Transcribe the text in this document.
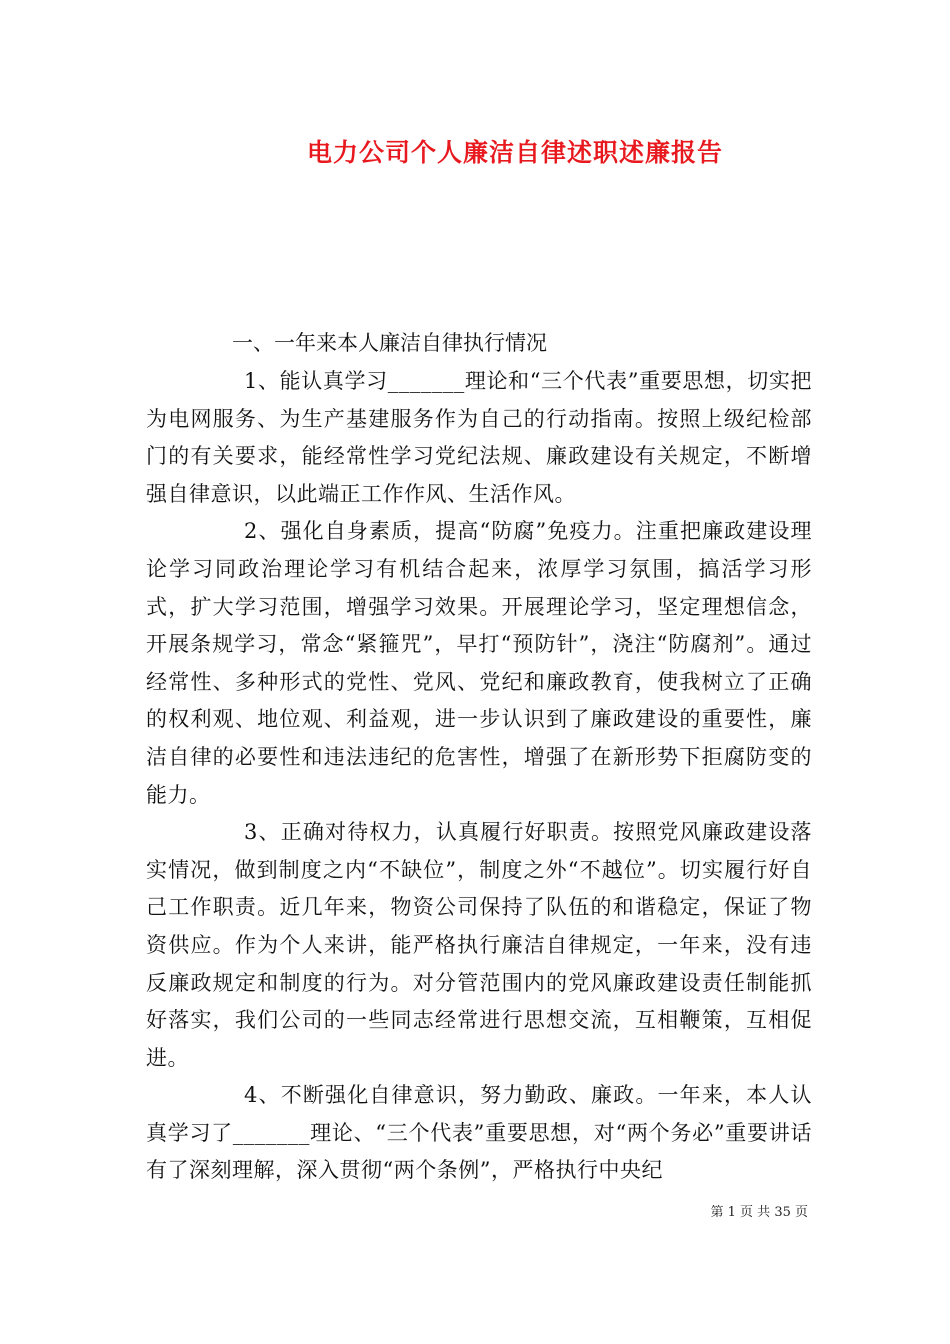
电力公司个人廉洁自律述职述廉报告

一、一年来本人廉洁自律执行情况

1、能认真学习_______理论和“三个代表”重要思想，切实把为电网服务、为生产基建服务作为自己的行动指南。按照上级纪检部门的有关要求，能经常性学习党纪法规、廉政建设有关规定，不断增强自律意识，以此端正工作作风、生活作风。

2、强化自身素质，提高“防腐”免疫力。注重把廉政建设理论学习同政治理论学习有机结合起来，浓厚学习氛围，搞活学习形式，扩大学习范围，增强学习效果。开展理论学习，坚定理想信念，开展条规学习，常念“紧箍咒”，早打“预防针”，浇注“防腐剂”。通过经常性、多种形式的党性、党风、党纪和廉政教育，使我树立了正确的权利观、地位观、利益观，进一步认识到了廉政建设的重要性，廉洁自律的必要性和违法违纪的危害性，增强了在新形势下拒腐防变的能力。

3、正确对待权力，认真履行好职责。按照党风廉政建设落实情况，做到制度之内“不缺位”，制度之外“不越位”。切实履行好自己工作职责。近几年来，物资公司保持了队伍的和谐稳定，保证了物资供应。作为个人来讲，能严格执行廉洁自律规定，一年来，没有违反廉政规定和制度的行为。对分管范围内的党风廉政建设责任制能抓好落实，我们公司的一些同志经常进行思想交流，互相鞭策，互相促进。

4、不断强化自律意识，努力勤政、廉政。一年来，本人认真学习了_______理论、“三个代表”重要思想，对“两个务必”重要讲话有了深刻理解，深入贯彻“两个条例”，严格执行中央纪

第 1 页 共 35 页
